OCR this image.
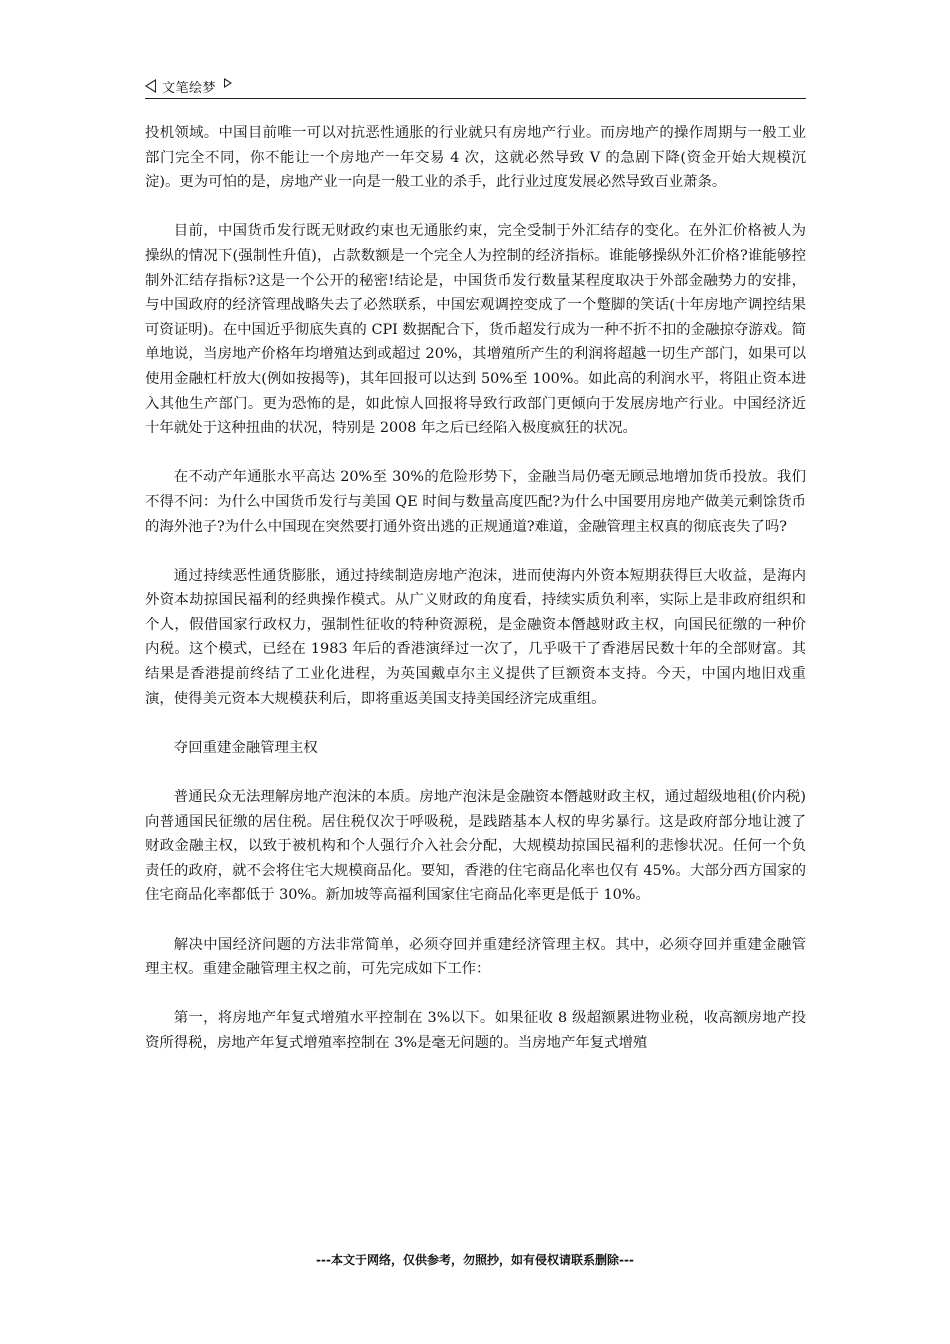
文笔绘梦

投机领域。中国目前唯一可以对抗恶性通胀的行业就只有房地产行业。而房地产的操作周期与一般工业部门完全不同，你不能让一个房地产一年交易 4 次，这就必然导致 V 的急剧下降(资金开始大规模沉淀)。更为可怕的是，房地产业一向是一般工业的杀手，此行业过度发展必然导致百业萧条。

目前，中国货币发行既无财政约束也无通胀约束，完全受制于外汇结存的变化。在外汇价格被人为操纵的情况下(强制性升值)，占款数额是一个完全人为控制的经济指标。谁能够操纵外汇价格?谁能够控制外汇结存指标?这是一个公开的秘密!结论是，中国货币发行数量某程度取决于外部金融势力的安排，与中国政府的经济管理战略失去了必然联系，中国宏观调控变成了一个蹩脚的笑话(十年房地产调控结果可资证明)。在中国近乎彻底失真的 CPI 数据配合下，货币超发行成为一种不折不扣的金融掠夺游戏。简单地说，当房地产价格年均增殖达到或超过 20%，其增殖所产生的利润将超越一切生产部门，如果可以使用金融杠杆放大(例如按揭等)，其年回报可以达到 50%至 100%。如此高的利润水平，将阻止资本进入其他生产部门。更为恐怖的是，如此惊人回报将导致行政部门更倾向于发展房地产行业。中国经济近十年就处于这种扭曲的状况，特别是 2008 年之后已经陷入极度疯狂的状况。

在不动产年通胀水平高达 20%至 30%的危险形势下，金融当局仍毫无顾忌地增加货币投放。我们不得不问：为什么中国货币发行与美国 QE 时间与数量高度匹配?为什么中国要用房地产做美元剩馀货币的海外池子?为什么中国现在突然要打通外资出逃的正规通道?难道，金融管理主权真的彻底丧失了吗?

通过持续恶性通货膨胀，通过持续制造房地产泡沫，进而使海内外资本短期获得巨大收益，是海内外资本劫掠国民福利的经典操作模式。从广义财政的角度看，持续实质负利率，实际上是非政府组织和个人，假借国家行政权力，强制性征收的特种资源税，是金融资本僭越财政主权，向国民征缴的一种价内税。这个模式，已经在 1983 年后的香港演绎过一次了，几乎吸干了香港居民数十年的全部财富。其结果是香港提前终结了工业化进程，为英国戴卓尔主义提供了巨额资本支持。今天，中国内地旧戏重演，使得美元资本大规模获利后，即将重返美国支持美国经济完成重组。

夺回重建金融管理主权

普通民众无法理解房地产泡沫的本质。房地产泡沫是金融资本僭越财政主权，通过超级地租(价内税)向普通国民征缴的居住税。居住税仅次于呼吸税，是践踏基本人权的卑劣暴行。这是政府部分地让渡了财政金融主权，以致于被机构和个人强行介入社会分配，大规模劫掠国民福利的悲惨状况。任何一个负责任的政府，就不会将住宅大规模商品化。要知，香港的住宅商品化率也仅有 45%。大部分西方国家的住宅商品化率都低于 30%。新加坡等高福利国家住宅商品化率更是低于 10%。

解决中国经济问题的方法非常简单，必须夺回并重建经济管理主权。其中，必须夺回并重建金融管理主权。重建金融管理主权之前，可先完成如下工作：

第一，将房地产年复式增殖水平控制在 3%以下。如果征收 8 级超额累进物业税，收高额房地产投资所得税，房地产年复式增殖率控制在 3%是毫无问题的。当房地产年复式增殖

---本文于网络，仅供参考，勿照抄，如有侵权请联系删除---
